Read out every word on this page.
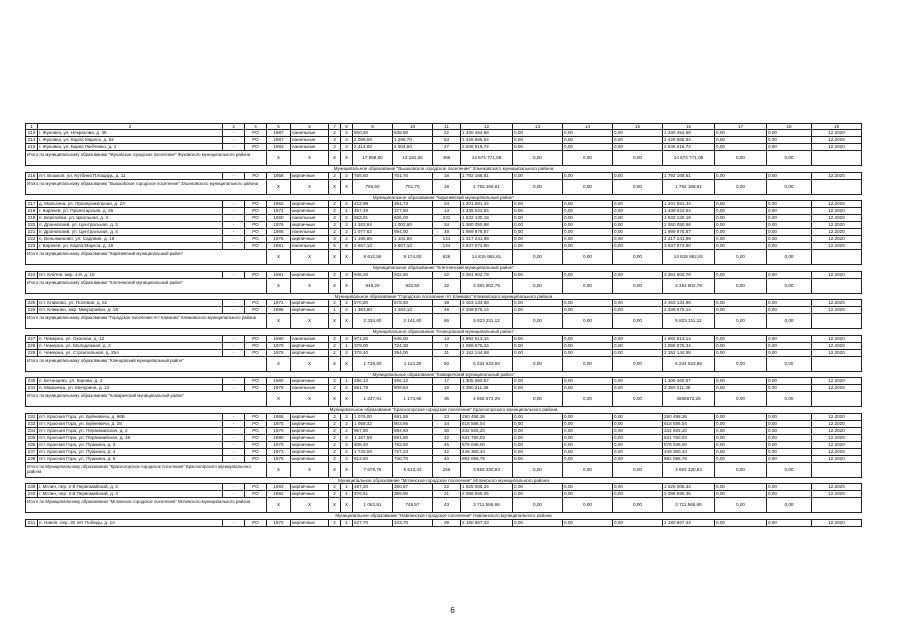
1	2	3	4	5	6	7	8	9	10	11	12	13	14	15	16	17	18	19
213	г. Жуковка, ул. Некрасова, д. 35	-	РО	1987	панельные	2	2	860,60	838,80	22	1 330 454,68	0,00	0,00	0,00	1 330 454,68	0,00	0,00	12.2020
214	г. Жуковка, ул. Карла Маркса, д. 82	-	РО	1987	панельные	3	3	2 099,00	1 296,70	53	2 426 665,64	0,00	0,00	0,00	2 426 665,64	0,00	0,00	12.2020
215	г. Жуковка, ул. Барко Любченко, д. 1	-	РО	1993	панельные	3	3	2 414,00	2 504,50	27	2 536 916,72	0,00	0,00	0,00	2 536 916,72	0,00	0,00	12.2020
Итого по муниципальному образованию "Жуковское городское поселение" Жуковского муниципального района				X	X	X	X	17 958,50	13 181,55	486	14 674 771,08	0,00	0,00	0,00	14 674 771,08	0,00	0,00	
Муниципальное образование "Вышковское городское поселение" Злынковского муниципального района																		
216	пгт. Вышков, ул. Кутбина Площадь, д. 11	-	РО	1958	кирпичные	2	2	755,50	701,70	18	1 792 168,61	0,00	0,00	0,00	1 792 168,61	0,00	0,00	12.2020
Итого по муниципальному образованию "Вышковское городское поселение" Злынковского муниципального района				X	X	X	X	755,50	701,70	18	1 792 168,61	0,00	0,00	0,00	1 792 168,61	0,00	0,00	
Муниципальное образование "Карачевский муниципальный район"																		
217	д. Мальтина, ул. Приовражельная, д. 2А	-	РО	1962	кирпичные	2	2	412,99	381,73	34	1 201 581,34	0,00	0,00	0,00	1 201 581,34	0,00	0,00	12.2020
218	г. Карачев, ул. Пролетарская, д. 26	-	РО	1972	кирпичные	2	1	457,49	377,80	13	1 439 023,64	0,00	0,00	0,00	1 439 023,64	0,00	0,00	12.2020
219	п. Березовка, ул. Школьная, д. 4	-	РО	1960	панельные	3	2	653,91	606,00	231	1 632 130,18	0,00	0,00	0,00	1 632 130,18	0,00	0,00	12.2020
220	п. Дроновский, ул. Центральная, д. 3	-	РО	1976	кирпичные	3	2	1 163,84	1 002,60	34	2 360 050,98	0,00	0,00	0,00	2 360 050,98	0,00	0,00	12.2020
221	п. Дроновский, ул. Центральная, д. 4	-	РО	1966	панельные	2	2	1 077,62	994,00	49	1 999 976,87	0,00	0,00	0,00	1 999 976,87	0,00	0,00	12.2020
222	п. Вельяминово, ул. Садовая, д. 18	-	РО	1975	кирпичные	3	2	1 195,86	1 102,80	141	2 317 241,99	0,00	0,00	0,00	2 317 241,99	0,00	0,00	12.2020
223	г. Карачев, ул. Карла Маркса, д. 16	-	РО	1981	панельные	5	5	2 657,10	3 807,10	144	3 837 073,80	0,00	0,00	0,00	3 837 073,80	0,00	0,00	12.2020
Итого по муниципальному образованию "Карачевский муниципальный район"				X	X	X	X	8 612,59	8 174,00	626	14 815 962,61	0,00	0,00	0,00	14 815 962,61	0,00	0,00	
Муниципальное образование "Клетнянский муниципальный район"																		
224	пгт. Клетня, мкр. 1-й, д. 15	-	РО	1981	кирпичные	2	3	948,20	932,50	32	3 381 902,78	0,00	0,00	0,00	3 381 902,78	0,00	0,00	12.2020
Итого по муниципальному образованию "Клетнянский муниципальный район"				X	X	X	X	948,20	932,50	32	3 381 902,78	0,00	0,00	0,00	3 381 902,78	0,00	0,00	
Муниципальное образование "Городское поселение пгт Климово" Климовского муниципального района																		
225	пгт. Климово, ул. Полевая, д. 51	-	РО	1972	кирпичные	2	2	970,80	878,50	38	3 463 134,98	0,00	0,00	0,00	3 463 134,98	0,00	0,00	12.2020
226	пгт. Климово, мкр. Микрорайон, д. 19	-	РО	1986	кирпичные	1	2	1 363,80	1 263,10	48	2 339 576,14	0,00	0,00	0,00	2 339 576,14	0,00	0,00	12.2020
Итого по муниципальному образованию "Городское поселение пгт Климово" Климовского муниципального района				X	X	X	X	2 334,60	2 141,60	86	5 823 311,12	0,00	0,00	0,00	5 823 311,12	0,00	0,00	
Муниципальное образование "Клинцовский муниципальный район"																		
227	п. Чемерна, ул. Окопная, д. 12	-	РО	1980	панельные	2	3	971,20	646,00	13	1 982 613,14	0,00	0,00	0,00	1 982 613,14	0,00	0,00	12.2020
228	п. Чемерна, ул. Молодежная, д. 2	-	РО	1979	кирпичные	2	1	379,00	724,30	0	1 099 875,34	0,00	0,00	0,00	1 099 875,34	0,00	0,00	12.2020
229	п. Чемерна, ул. Строительная, д. 25А	-	РО	1975	кирпичные	2	2	378,40	394,00	31	2 152 144,68	0,00	0,00	0,00	2 152 144,68	0,00	0,00	12.2020
Итого по муниципальному образованию "Клинцовский муниципальный район"				X	X	X	X	1 728,60	1 114,30	50	5 234 633,66	0,00	0,00	0,00	5 234 633,66	0,00	0,00	
Муниципальное образование "Комаричский муниципальный район"																		
230	п. Бетанцево, ул. Кирова, д. 4	-	РО	1960	кирпичные	2	1	286,12	265,12	17	1 305 360,57	0,00	0,00	0,00	1 305 360,57	0,00	0,00	12.2020
231	п. Марьинка, ул. Мичурина, д. 12	-	РО	1976	панельные	2	2	961,79	909,84	19	3 350 211,38	0,00	0,00	0,00	3 350 211,38	0,00	0,00	12.2020
Итого по муниципальному образованию "Комаричский муниципальный район"				X	X	X	X	1 247,91	1 174,95	36	4 655 572,26	0,00	0,00	0,00	4655572,26	0,00	0,00	
Муниципальное образование "Красногорское городское поселение" Красногорского муниципального района																		
232	пгт. Красная Гора, ул. Буйневича, д. 66Б	-	РО	1965	кирпичные	2	2	1 076,00	681,55	23	290 498,36	0,00	0,00	0,00	290 498,36	0,00	0,00	12.2020
233	пгт. Красная Гора, ул. Буйневича, д. 28	-	РО	1975	кирпичные	2	2	1 059,32	903,95	34	618 586,04	0,00	0,00	0,00	618 586,04	0,00	0,00	12.2020
234	пгт. Красная Гора, ул. Первомайская, д. 2	-	РО	1970	кирпичные	2	2	967,80	894,60	30	342 926,20	0,00	0,00	0,00	342 926,20	0,00	0,00	12.2020
235	пгт. Красная Гора, ул. Первомайская, д. 18	-	РО	1980	кирпичные	2	2	1 167,59	891,60	42	531 760,03	0,00	0,00	0,00	531 760,03	0,00	0,00	12.2020
236	пгт. Красная Гора, ул. Пушкина, д. 3	-	РО	1970	кирпичные	2	2	808,40	763,50	45	578 049,00	0,00	0,00	0,00	578 049,00	0,00	0,00	12.2020
237	пгт. Красная Гора, ул. Пушкина, д. 4	-	РО	1973	кирпичные	2	2	1 740,00	727,23	42	449 360,44	0,00	0,00	0,00	449 360,44	0,00	0,00	12.2020
238	пгт. Красная Гора, ул. Пушкина, д. 5	-	РО	1975	кирпичные	2	2	813,50	740,70	40	882 056,76	0,00	0,00	0,00	882 056,76	0,00	0,00	12.2020
Итого по Муниципальному образованию "Красногорское городское поселение" Красногорского муниципального района				X	X	X	X	7 678,78	5 613,33	256	3 693 330,83	0,00	0,00	0,00	3 693 330,83	0,00	0,00	
Муниципальное образование "Мглинское городское поселение" Мглинского муниципального района																		
239	г. Мглин, пер. 2-й Первомайский, д. 2	-	РО	1983	кирпичные	2	1	487,20	360,67	22	1 625 006,34	0,00	0,00	0,00	1 625 006,34	0,00	0,00	12.2020
240	г. Мглин, пер. 2-й Первомайский, д. 3	-	РО	1982	кирпичные	2	1	376,51	389,90	21	2 086 555,35	0,00	0,00	0,00	2 086 555,35	0,00	0,00	12.2020
Итого по Муниципальному образованию "Мглинское городское поселение" Мглинского муниципального района				X	X	X	X	1 063,81	748,57	43	3 711 565,69	0,00	0,00	0,00	3 711 565,69	0,00	0,00	
Муниципальное образование "Навлинское городское поселение" Навлинского муниципального района																		
241	п. Навля, пер. 30 лет Победы, д. 1А	-	РО	1970	кирпичные	2	1	527,70	343,70	39	2 180 667,43	0,00	0,00	0,00	2 180 667,43	0,00	0,00	12.2020
6
